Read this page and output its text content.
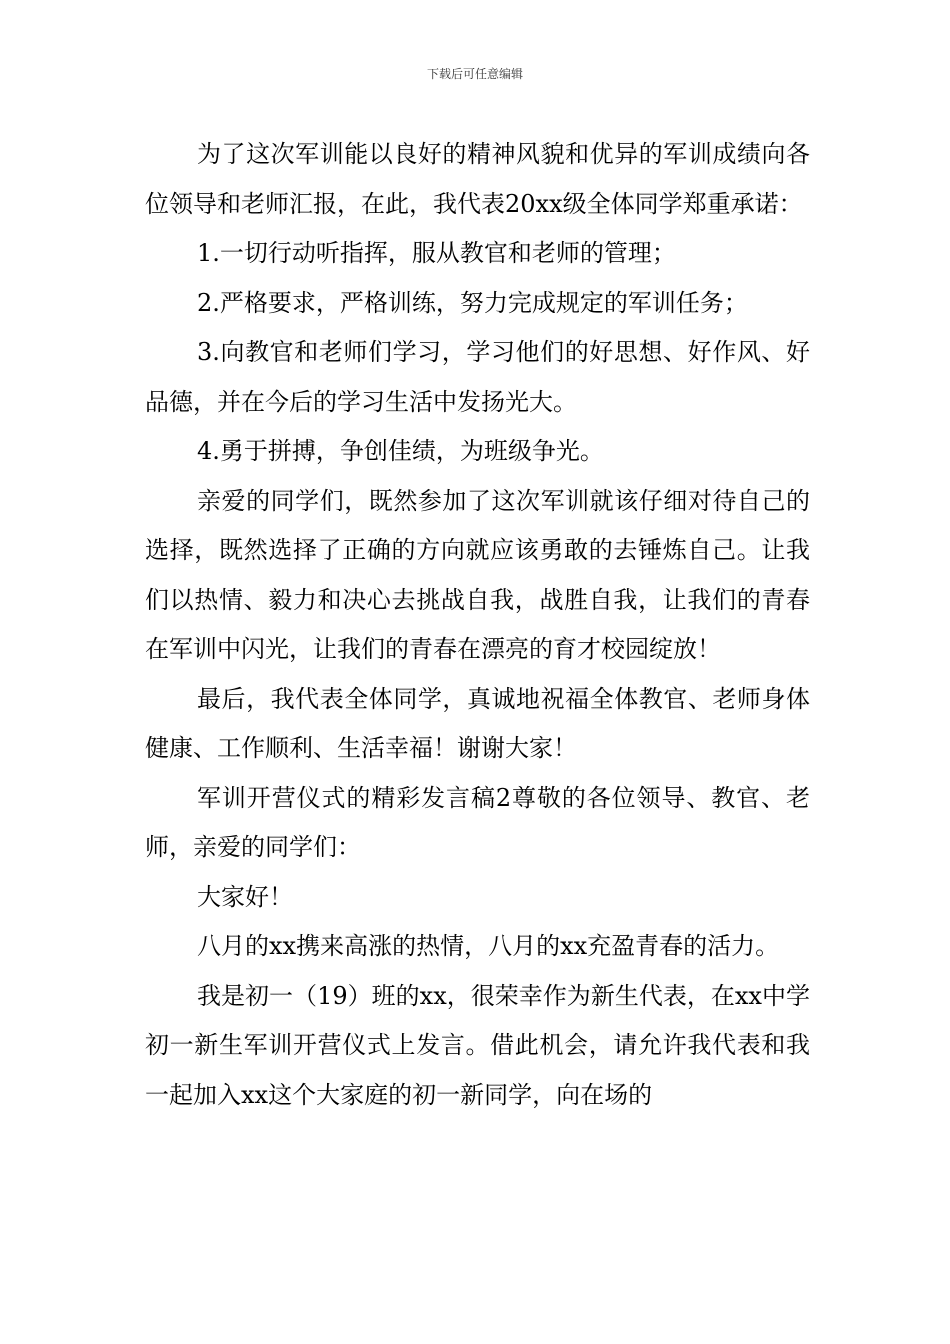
下载后可任意编辑

为了这次军训能以良好的精神风貌和优异的军训成绩向各位领导和老师汇报，在此，我代表20xx级全体同学郑重承诺：

1.一切行动听指挥，服从教官和老师的管理；

2.严格要求，严格训练，努力完成规定的军训任务；

3.向教官和老师们学习，学习他们的好思想、好作风、好品德，并在今后的学习生活中发扬光大。

4.勇于拼搏，争创佳绩，为班级争光。

亲爱的同学们，既然参加了这次军训就该仔细对待自己的选择，既然选择了正确的方向就应该勇敢的去锤炼自己。让我们以热情、毅力和决心去挑战自我，战胜自我，让我们的青春在军训中闪光，让我们的青春在漂亮的育才校园绽放！

最后，我代表全体同学，真诚地祝福全体教官、老师身体健康、工作顺利、生活幸福！谢谢大家！

军训开营仪式的精彩发言稿2尊敬的各位领导、教官、老师，亲爱的同学们：

大家好！

八月的xx携来高涨的热情，八月的xx充盈青春的活力。

我是初一（19）班的xx，很荣幸作为新生代表，在xx中学初一新生军训开营仪式上发言。借此机会，请允许我代表和我一起加入xx这个大家庭的初一新同学，向在场的
